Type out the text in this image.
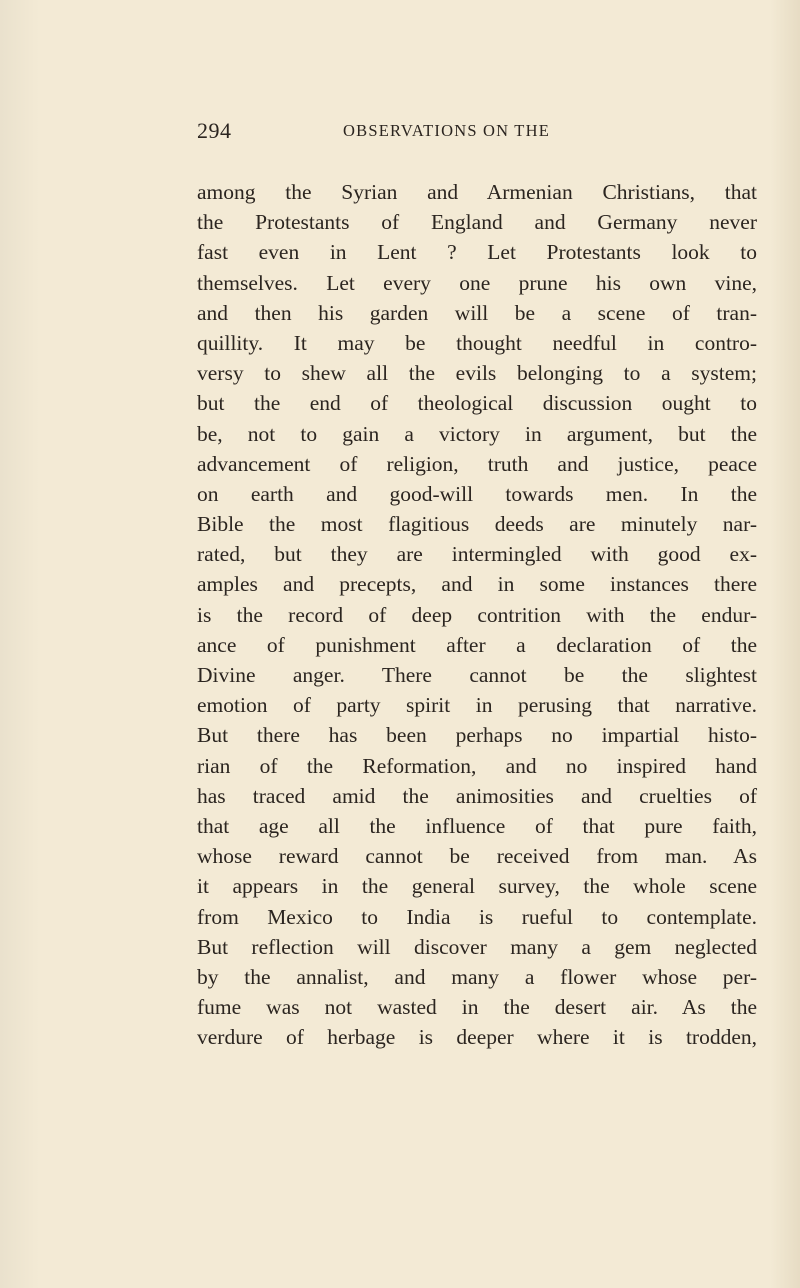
294	OBSERVATIONS ON THE
among the Syrian and Armenian Christians, that
the Protestants of England and Germany never
fast even in Lent ? Let Protestants look to
themselves. Let every one prune his own vine,
and then his garden will be a scene of tran-
quillity. It may be thought needful in contro-
versy to shew all the evils belonging to a system;
but the end of theological discussion ought to
be, not to gain a victory in argument, but the
advancement of religion, truth and justice, peace
on earth and good-will towards men. In the
Bible the most flagitious deeds are minutely nar-
rated, but they are intermingled with good ex-
amples and precepts, and in some instances there
is the record of deep contrition with the endur-
ance of punishment after a declaration of the
Divine anger. There cannot be the slightest
emotion of party spirit in perusing that narrative.
But there has been perhaps no impartial histo-
rian of the Reformation, and no inspired hand
has traced amid the animosities and cruelties of
that age all the influence of that pure faith,
whose reward cannot be received from man. As
it appears in the general survey, the whole scene
from Mexico to India is rueful to contemplate.
But reflection will discover many a gem neglected
by the annalist, and many a flower whose per-
fume was not wasted in the desert air. As the
verdure of herbage is deeper where it is trodden,
